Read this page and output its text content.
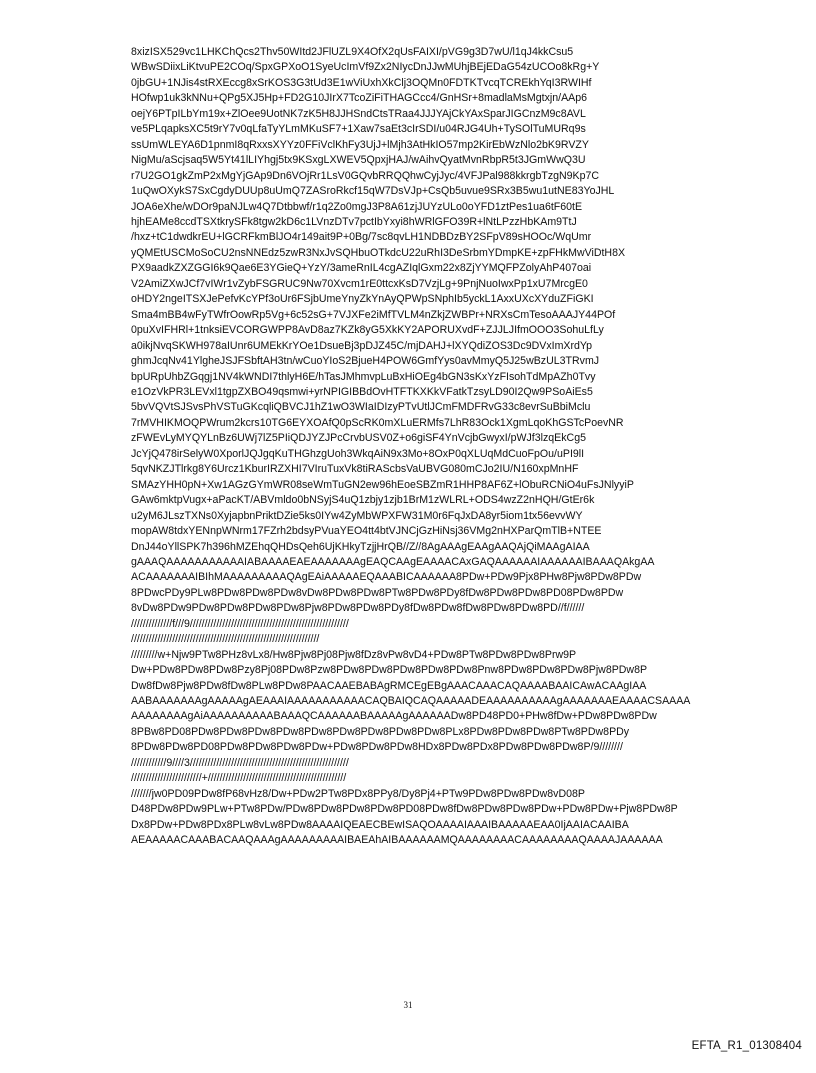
8xizISX529vc1LHKChQcs2Thv50WItd2JFlUZL9X4OfX2qUsFAIXI/pVG9g3D7wU/l1qJ4kkCsu5
WBwSDiixLiKtvuPE2COq/SpxGPXoO1SyeUcImVf9Zx2NIycDnJJwMUhjBEjEDaG54zUCOo8kRg+Y
0jbGU+1NJis4stRXEccg8xSrKOS3G3tUd3E1wViUxhXkClj3OQMn0FDTKTvcqTCREkhYqI3RWIHf
HOfwp1uk3kNNu+QPg5XJ5Hp+FD2G10JIrX7TcoZiFiTHAGCcc4/GnHSr+8madlaMsMgtxjn/AAp6
oejY6PTpILbYm19x+ZlOee9UotNK7zK5H8JJHSndCtsTRaa4JJJYAjCkYAxSparJIGCnzM9c8AVL
ve5PLqapksXC5t9rY7v0qLfaTyYLmMKuSF7+1Xaw7saEt3cIrSDI/u04RJG4Uh+TySOlTuMURq9s
ssUmWLEYA6D1pnmI8qRxxsXYYz0FFiVclKhFy3UjJ+lMjh3AtHkIO57mp2KirEbWzNlo2bK9RVZY
NigMu/aScjsaq5W5Yt41lLIYhgj5tx9KSxgLXWEV5QpxjHAJ/wAihvQyatMvnRbpR5t3JGmWwQ3U
r7U2GO1gkZmP2xMgYjGAp9Dn6VOjRr1LsV0GQvbRRQQhwCyjJyc/4VFJPal988kkrgbTzgN9Kp7C
1uQwOXykS7SxCgdyDUUp8uUmQ7ZASroRkcf15qW7DsVJp+CsQb5uvue9SRx3B5wu1utNE83YoJHL
JOA6eXhe/wDOr9paNJLw4Q7Dtbbwf/r1q2Zo0mgJ3P8A61zjJUYzULo0oYFD1ztPes1ua6tF60tE
hjhEAMe8ccdTSXtkrySFk8tgw2kD6c1LVnzDTv7pctIbYxyi8hWRlGFO39R+lNtLPzzHbKAm9TtJ
/hxz+tC1dwdkrEU+lGCRFkmBlJO4r149ait9P+0Bg/7sc8qvLH1NDBDzBY2SFpV89sHOOc/WqUmr
yQMEtUSCMoSoCU2nsNNEdz5zwR3NxJvSQHbuOTkdcU22uRhI3DeSrbmYDmpKE+zpFHkMwViDtH8X
PX9aadkZXZGGI6k9Qae6E3YGieQ+YzY/3ameRnIL4cgAZIqlGxm22x8ZjYYMQFPZolyAhP407oai
V2AmiZXwJCf7vIWr1vZybFSGRUC9Nw70Xvcm1rE0ttcxKsD7VzjLg+9PnjNuoIwxPp1xU7MrcgE0
oHDY2ngeITSXJePefvKcYPf3oUr6FSjbUmeYnyZkYnAyQPWpSNphIb5yckL1AxxUXcXYduZFiGKI
Sma4mBB4wFyTWfrOowRp5Vg+6c52sG+7VJXFe2iMfTVLM4nZkjZWBPr+NRXsCmTesoAAAJY44POf
0puXvIFHRl+1tnksiEVCORGWPP8AvD8az7KZk8yG5XkKY2APORUXvdF+ZJJLJIfmOOO3SohuLfLy
a0ikjNvqSKWH978aIUnr6UMEkKrYOe1DsueBj3pDJZ45C/mjDAHJ+lXYQdiZOS3Dc9DVxImXrdYp
ghmJcqNv41YlgheJSJFSbftAH3tn/wCuoYIoS2BjueH4POW6GmfYys0avMmyQ5J25wBzUL3TRvmJ
bpURpUhbZGqgj1NV4kWNDI7thlyH6E/hTasJMhmvpLuBxHiOEg4bGN3sKxYzFIsohTdMpAZh0Tvy
e1OzVkPR3LEVxl1tgpZXBO49qsmwi+yrNPIGIBBdOvHTFTKXKkVFatkTzsyLD90I2Qw9PSoAiEs5
5bvVQVtSJSvsPhVSTuGKcqliQBVCJ1hZ1wO3WIaIDIzyPTvUtlJCmFMDFRvG33c8evrSuBbiMclu
7rMVHIKMOQPWrum2kcrs10TG6EYXOAfQ0pScRK0mXLuERMfs7LhR83Ock1XgmLqoKhGSTcPoevNR
zFWEvLyMYQYLnBz6UWj7lZ5PIiQDJYZJPcCrvbUSV0Z+o6giSF4YnVcjbGwyxI/pWJf3lzqEkCg5
JcYjQ478irSelyW0XporlJQJgqKuTHGhzgUoh3WkqAiN9x3Mo+8OxP0qXLUqMdCuoFpOu/uPI9lI
5qvNKZJTlrkg8Y6Urcz1KburIRZXHI7VIruTuxVk8tiRAScbsVaUBVG080mCJo2IU/N160xpMnHF
SMAzYHH0pN+Xw1AGzGYmWR08seWmTuGN2ew96hEoeSBZmR1HHP8AF6Z+lObuRCNiO4uFsJNlyyiP
GAw6mktpVugx+aPacKT/ABVmldo0bNSyjS4uQ1zbjy1zjb1BrM1zWLRL+ODS4wzZ2nHQH/GtEr6k
u2yM6JLszTXNs0XyjapbnPriktDZie5ks0IYw4ZyMbWPXFW31M0r6FqJxDA8yr5iom1tx56evvWY
mopAW8tdxYENnpWNrm17FZrh2bdsyPVuaYEO4tt4btVJNCjGzHiNsj36VMg2nHXParQmTlB+NTEE
DnJ44oYllSPK7h396hMZEhqQHDsQeh6UjKHkyTzjjHrQB//Z//8AgAAAgEAAgAAQAjQiMAAgAIAA
gAAAQAAAAAAAAAAAIABAAAAEAEAAAAAAAgEAQCAAgEAAAACAxGAQAAAAAAIAAAAAAIBAAAQAkgAA
ACAAAAAAAIBIhMAAAAAAAAAQAgEAiAAAAAEQAAABICAAAAAA8PDw+PDw9Pjx8PHw8Pjw8PDw8PDw
8PDwcPDy9PLw8PDw8PDw8PDw8vDw8PDw8PDw8PTw8PDw8PDy8fDw8PDw8PDw8PD08PDw8PDw
8vDw8PDw9PDw8PDw8PDw8PDw8Pjw8PDw8PDw8PDy8fDw8PDw8fDw8PDw8PDw8PD//f//////
//////////////f///9//////////////////////////////////////////////////////
////////////////////////////////////////////////////////////////
/////////w+Njw9PTw8PHz8vLx8/Hw8Pjw8Pj08Pjw8fDz8vPw8vD4+PDw8PTw8PDw8PDw8Prw9P
Dw+PDw8PDw8PDw8Pzy8Pj08PDw8Pzw8PDw8PDw8PDw8PDw8PDw8Pnw8PDw8PDw8PDw8Pjw8PDw8P
Dw8fDw8Pjw8PDw8fDw8PLw8PDw8PAACAAEBABAgRMCEgEBgAAACAAACAQAAAABAAICAwACAAgIAA
AABAAAAAAAgAAAAAgAEAAAIAAAAAAAAAAACAQBAIQCAQAAAAADEAAAAAAAAAAgAAAAAAAEAAAACSAAAA
AAAAAAAAgAiAAAAAAAAAABAAAQCAAAAAABAAAAAgAAAAAADw8PD48PD0+PHw8fDw+PDw8PDw8PDw
8PBw8PD08PDw8PDw8PDw8PDw8PDw8PDw8PDw8PDw8PDw8PLx8PDw8PDw8PDw8PTw8PDw8PDy
8PDw8PDw8PD08PDw8PDw8PDw8PDw+PDw8PDw8PDw8HDx8PDw8PDx8PDw8PDw8PDw8P/9////////
////////////9////3//////////////////////////////////////////////////////
////////////////////////+///////////////////////////////////////////////
///////jw0PD09PDw8fP68vHz8/Dw+PDw2PTw8PDx8PPy8/Dy8Pj4+PTw9PDw8PDw8PDw8vD08P
D48PDw8PDw9PLw+PTw8PDw/PDw8PDw8PDw8PDw8PD08PDw8fDw8PDw8PDw8PDw+PDw8PDw+Pjw8PDw8P
Dx8PDw+PDw8PDx8PLw8vLw8PDw8AAAAIQEAECBEwISAQOAAAAIAAAIBAAAAAEAA0IjAAIACAAIBA
AEAAAAACAAABACAAQAAAgAAAAAAAAAIBAEAhAIBAAAAAAMQAAAAAAAACAAAAAAAAQAAAAJAAAAAA
31
EFTA_R1_01308404
